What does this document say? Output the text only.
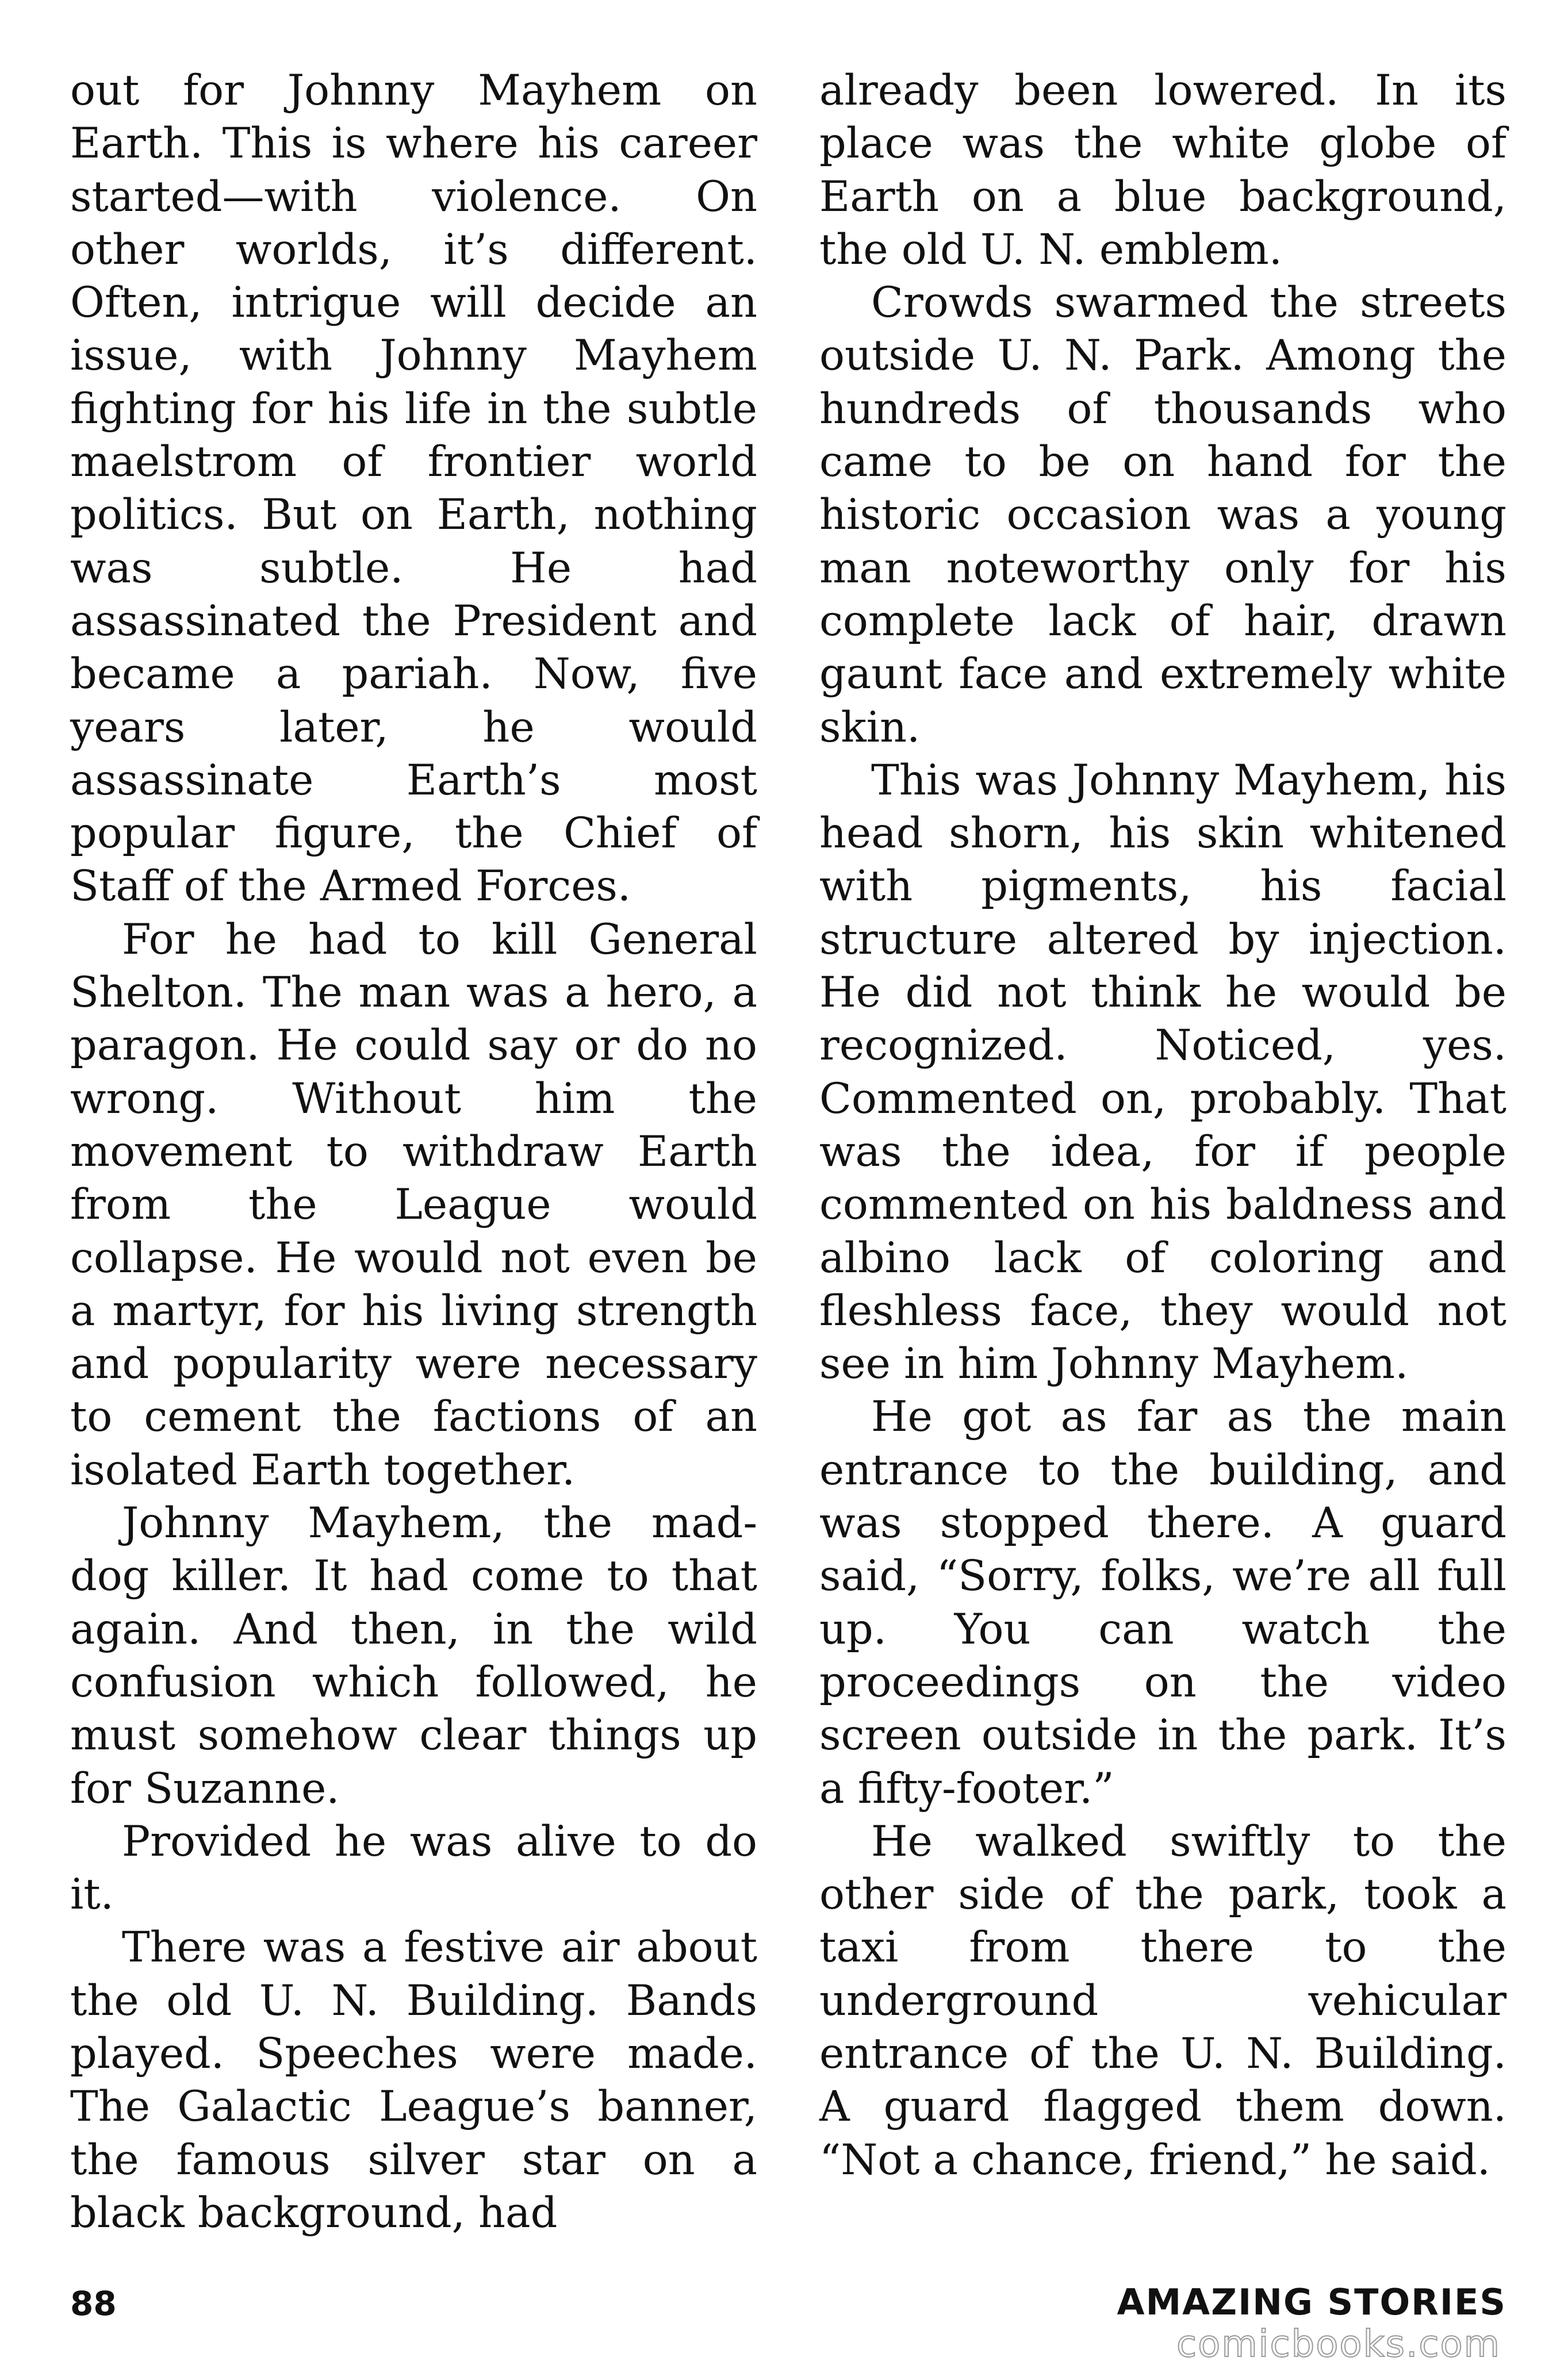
out for Johnny Mayhem on Earth. This is where his career started—with violence. On other worlds, it’s different. Often, intrigue will decide an issue, with Johnny Mayhem fighting for his life in the subtle maelstrom of frontier world politics. But on Earth, nothing was subtle. He had assassinated the President and became a pariah. Now, five years later, he would assassinate Earth’s most popular figure, the Chief of Staff of the Armed Forces.

For he had to kill General Shelton. The man was a hero, a paragon. He could say or do no wrong. Without him the movement to withdraw Earth from the League would collapse. He would not even be a martyr, for his living strength and popularity were necessary to cement the factions of an isolated Earth together.

Johnny Mayhem, the mad-dog killer. It had come to that again. And then, in the wild confusion which followed, he must somehow clear things up for Suzanne.

Provided he was alive to do it.

There was a festive air about the old U. N. Building. Bands played. Speeches were made. The Galactic League’s banner, the famous silver star on a black background, had

already been lowered. In its place was the white globe of Earth on a blue background, the old U. N. emblem.

Crowds swarmed the streets outside U. N. Park. Among the hundreds of thousands who came to be on hand for the historic occasion was a young man noteworthy only for his complete lack of hair, drawn gaunt face and extremely white skin.

This was Johnny Mayhem, his head shorn, his skin whitened with pigments, his facial structure altered by injection. He did not think he would be recognized. Noticed, yes. Commented on, probably. That was the idea, for if people commented on his baldness and albino lack of coloring and fleshless face, they would not see in him Johnny Mayhem.

He got as far as the main entrance to the building, and was stopped there. A guard said, “Sorry, folks, we’re all full up. You can watch the proceedings on the video screen outside in the park. It’s a fifty-footer.”

He walked swiftly to the other side of the park, took a taxi from there to the underground vehicular entrance of the U. N. Building. A guard flagged them down. “Not a chance, friend,” he said.

88	AMAZING STORIES
comicbooks.com
